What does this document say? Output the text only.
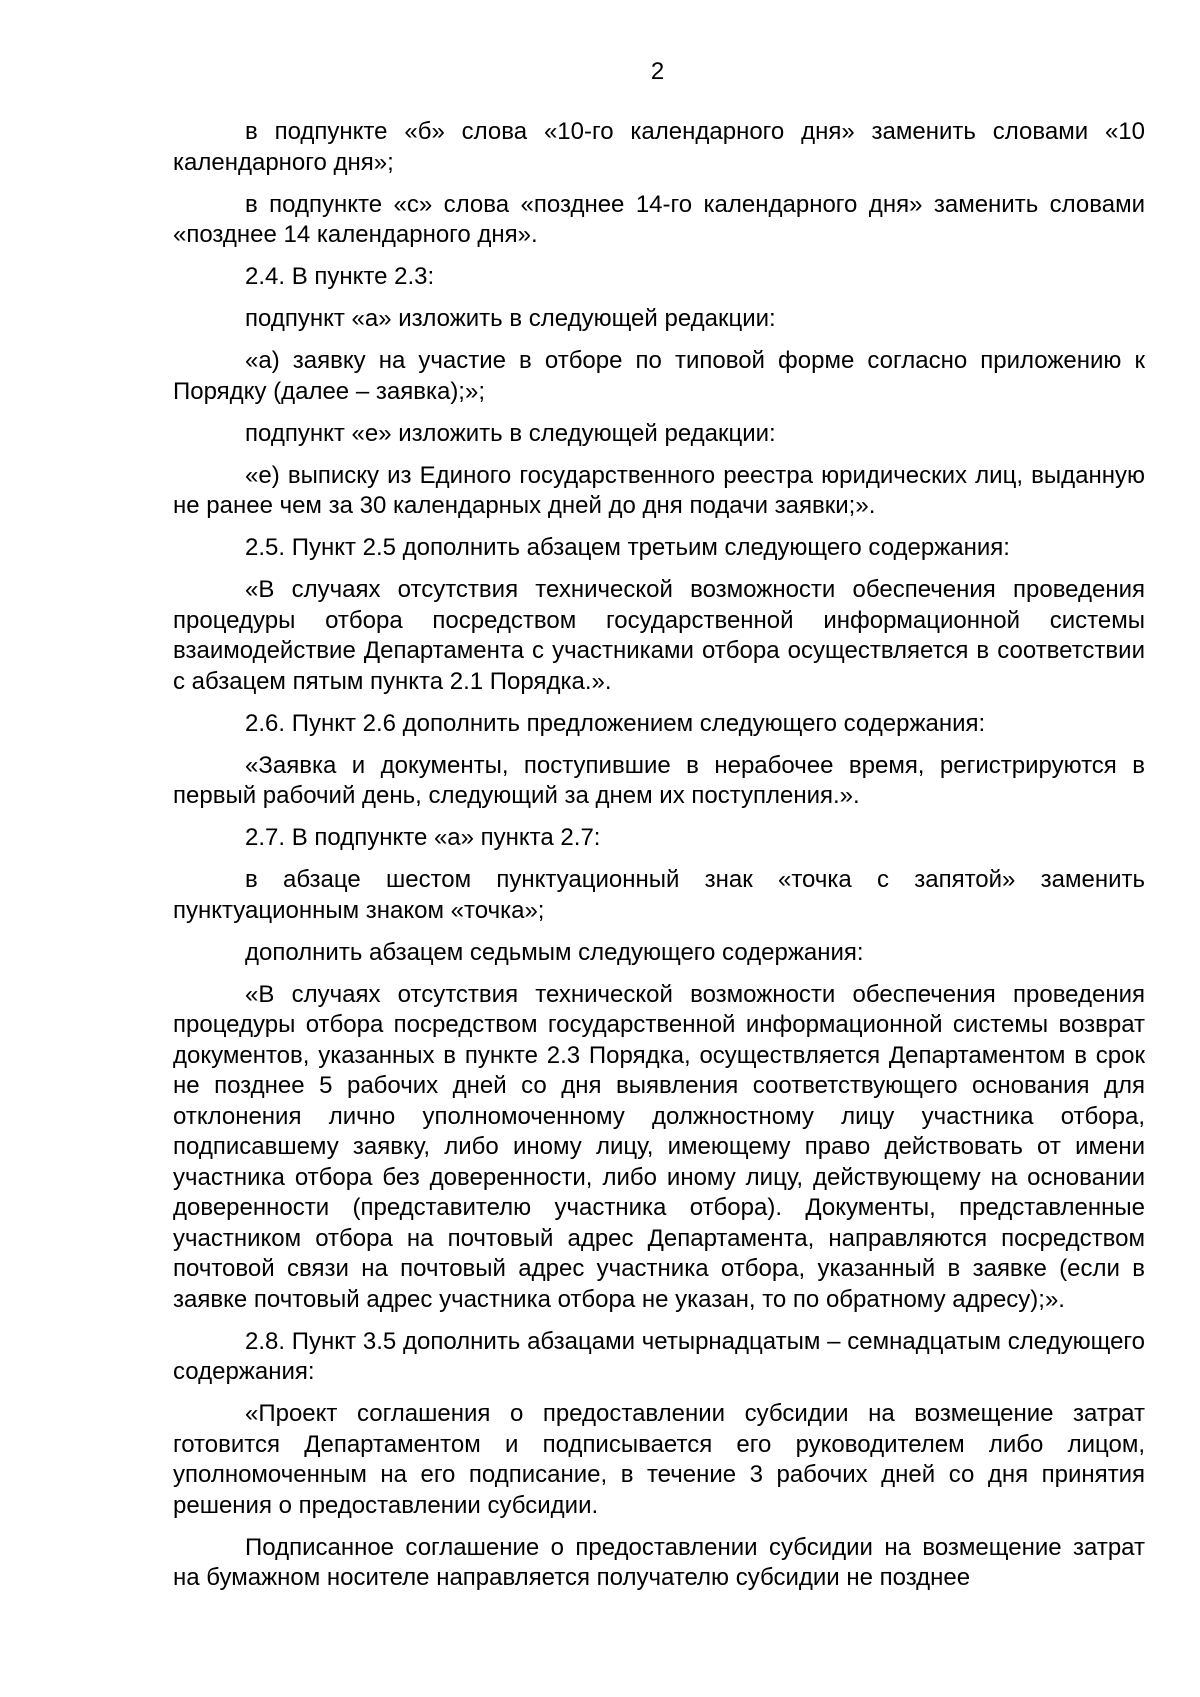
2

в подпункте «б» слова «10-го календарного дня» заменить словами «10 календарного дня»;

в подпункте «с» слова «позднее 14-го календарного дня» заменить словами «позднее 14 календарного дня».

2.4. В пункте 2.3:

подпункт «а» изложить в следующей редакции:

«а) заявку на участие в отборе по типовой форме согласно приложению к Порядку (далее – заявка);»;

подпункт «е» изложить в следующей редакции:

«е) выписку из Единого государственного реестра юридических лиц, выданную не ранее чем за 30 календарных дней до дня подачи заявки;».

2.5. Пункт 2.5 дополнить абзацем третьим следующего содержания:

«В случаях отсутствия технической возможности обеспечения проведения процедуры отбора посредством государственной информационной системы взаимодействие Департамента с участниками отбора осуществляется в соответствии с абзацем пятым пункта 2.1 Порядка.».

2.6. Пункт 2.6 дополнить предложением следующего содержания:

«Заявка и документы, поступившие в нерабочее время, регистрируются в первый рабочий день, следующий за днем их поступления.».

2.7. В подпункте «а» пункта 2.7:

в абзаце шестом пунктуационный знак «точка с запятой» заменить пунктуационным знаком «точка»;

дополнить абзацем седьмым следующего содержания:

«В случаях отсутствия технической возможности обеспечения проведения процедуры отбора посредством государственной информационной системы возврат документов, указанных в пункте 2.3 Порядка, осуществляется Департаментом в срок не позднее 5 рабочих дней со дня выявления соответствующего основания для отклонения лично уполномоченному должностному лицу участника отбора, подписавшему заявку, либо иному лицу, имеющему право действовать от имени участника отбора без доверенности, либо иному лицу, действующему на основании доверенности (представителю участника отбора). Документы, представленные участником отбора на почтовый адрес Департамента, направляются посредством почтовой связи на почтовый адрес участника отбора, указанный в заявке (если в заявке почтовый адрес участника отбора не указан, то по обратному адресу);».

2.8. Пункт 3.5 дополнить абзацами четырнадцатым – семнадцатым следующего содержания:

«Проект соглашения о предоставлении субсидии на возмещение затрат готовится Департаментом и подписывается его руководителем либо лицом, уполномоченным на его подписание, в течение 3 рабочих дней со дня принятия решения о предоставлении субсидии.

Подписанное соглашение о предоставлении субсидии на возмещение затрат на бумажном носителе направляется получателю субсидии не позднее
